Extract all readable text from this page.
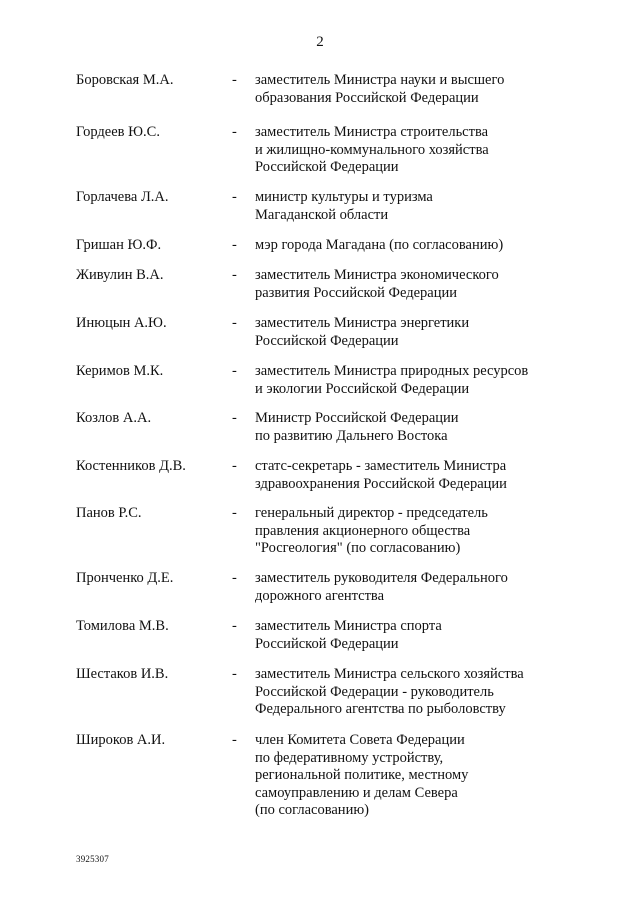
2
Боровская М.А.	- заместитель Министра науки и высшего
образования Российской Федерации
Гордеев Ю.С.	- заместитель Министра строительства
и жилищно-коммунального хозяйства
Российской Федерации
Горлачева Л.А.	- министр культуры и туризма
Магаданской области
Гришан Ю.Ф.	- мэр города Магадана (по согласованию)
Живулин В.А.	- заместитель Министра экономического
развития Российской Федерации
Инюцын А.Ю.	- заместитель Министра энергетики
Российской Федерации
Керимов М.К.	- заместитель Министра природных ресурсов
и экологии Российской Федерации
Козлов А.А.	- Министр Российской Федерации
по развитию Дальнего Востока
Костенников Д.В.	- статс-секретарь - заместитель Министра
здравоохранения Российской Федерации
Панов Р.С.	- генеральный директор - председатель
правления акционерного общества
"Росгеология" (по согласованию)
Пронченко Д.Е.	- заместитель руководителя Федерального
дорожного агентства
Томилова М.В.	- заместитель Министра спорта
Российской Федерации
Шестаков И.В.	- заместитель Министра сельского хозяйства
Российской Федерации - руководитель
Федерального агентства по рыболовству
Широков А.И.	- член Комитета Совета Федерации
по федеративному устройству,
региональной политике, местному
самоуправлению и делам Севера
(по согласованию)
3925307
